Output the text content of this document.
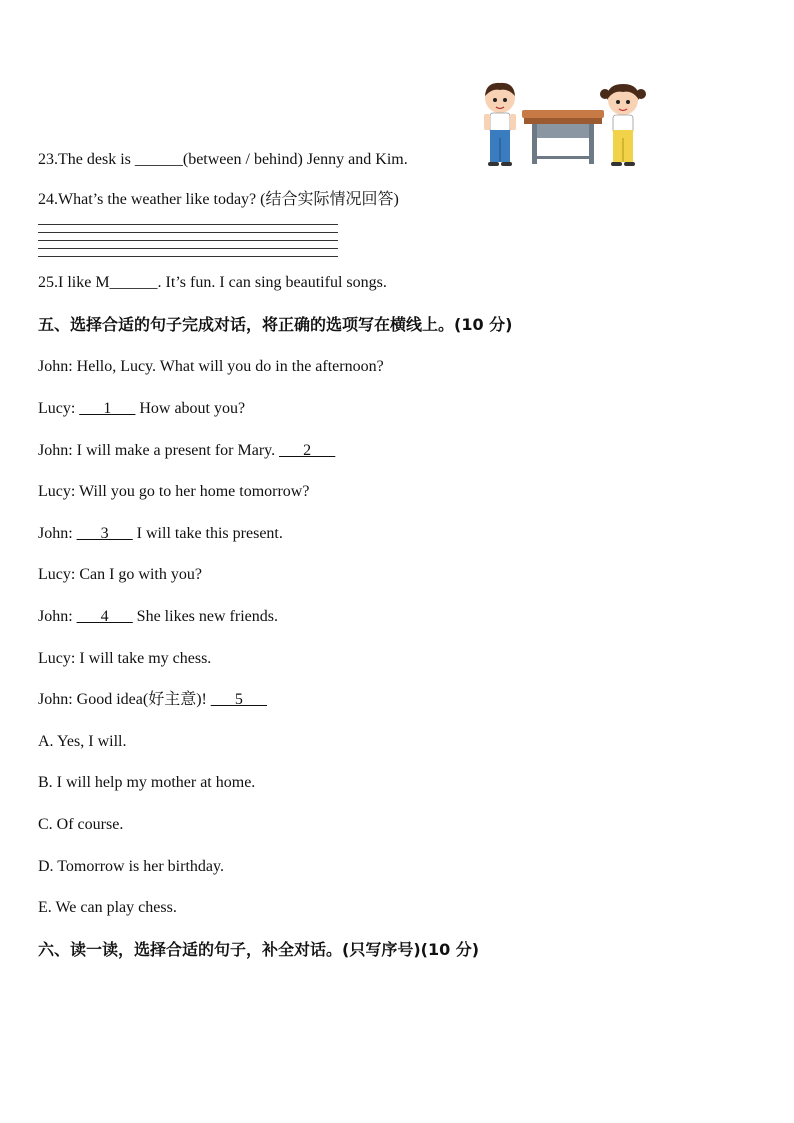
23.The desk is ______(between / behind) Jenny and Kim.
24.What’s the weather like today? (结合实际情况回答)
25.I like M______. It’s fun. I can sing beautiful songs.
五、选择合适的句子完成对话，将正确的选项写在横线上。(10 分)
John: Hello, Lucy. What will you do in the afternoon?
Lucy: ___1___ How about you?
John: I will make a present for Mary. ___2___
Lucy: Will you go to her home tomorrow?
John: ___3___ I will take this present.
Lucy: Can I go with you?
John: ___4___ She likes new friends.
Lucy: I will take my chess.
John: Good idea(好主意)! ___5___
A. Yes, I will.
B. I will help my mother at home.
C. Of course.
D. Tomorrow is her birthday.
E. We can play chess.
六、读一读，选择合适的句子，补全对话。(只写序号)(10 分)
